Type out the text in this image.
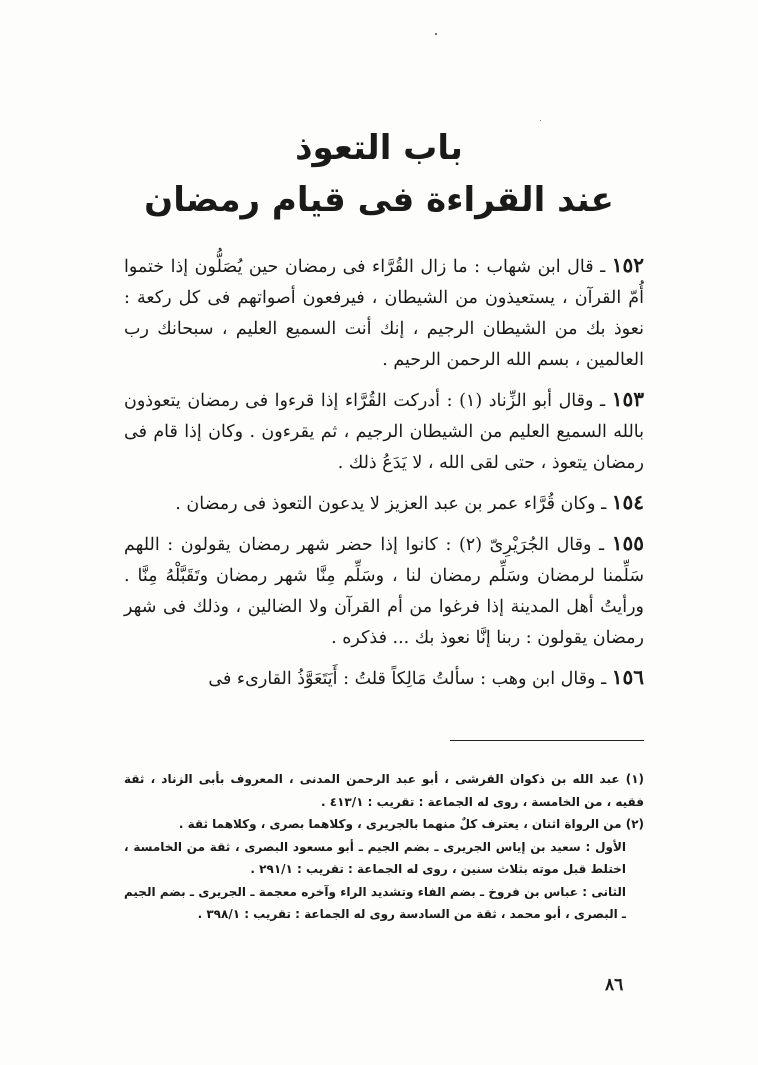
باب التعوذ
عند القراءة فى قيام رمضان

١٥٢ ـ قال ابن شهاب : ما زال القُرَّاء فى رمضان حين يُصَلُّون إذا ختموا أُمّ القرآن ، يستعيذون من الشيطان ، فيرفعون أصواتهم فى كل ركعة : نعوذ بك من الشيطان الرجيم ، إنك أنت السميع العليم ، سبحانك رب العالمين ، بسم الله الرحمن الرحيم .

١٥٣ ـ وقال أبو الزِّناد (١) : أدركت القُرَّاء إذا قرءوا فى رمضان يتعوذون بالله السميع العليم من الشيطان الرجيم ، ثم يقرءون . وكان إذا قام فى رمضان يتعوذ ، حتى لقى الله ، لا يَدَعُ ذلك .

١٥٤ ـ وكان قُرَّاء عمر بن عبد العزيز لا يدعون التعوذ فى رمضان .

١٥٥ ـ وقال الجُرَيْرِىّ (٢) : كانوا إذا حضر شهر رمضان يقولون : اللهم سَلِّمنا لرمضان وسَلِّم رمضان لنا ، وسَلِّم مِنَّا شهر رمضان وتَقَبَّلْهُ مِنَّا . ورأيتُ أهل المدينة إذا فرغوا من أم القرآن ولا الضالين ، وذلك فى شهر رمضان يقولون : ربنا إنَّا نعوذ بك ... فذكره .

١٥٦ ـ وقال ابن وهب : سألتُ مَالِكاً قلتُ : أَيَتَعَوَّذُ القارىء فى

(١) عبد الله بن ذكوان القرشى ، أبو عبد الرحمن المدنى ، المعروف بأبى الزناد ، ثقة فقيه ، من الخامسة ، روى له الجماعة : تقريب : ٤١٣/١ .

(٢) من الرواة اثنان ، يعترف كلٌ منهما بالجريرى ، وكلاهما بصرى ، وكلاهما ثقة .

الأول : سعيد بن إياس الجريرى ـ بضم الجيم ـ أبو مسعود البصرى ، ثقة من الخامسة ، اختلط قبل موته بثلاث سنين ، روى له الجماعة : تقريب : ٢٩١/١ .

الثانى : عباس بن فروخ ـ بضم الفاء وتشديد الراء وآخره معجمة ـ الجريرى ـ بضم الجيم ـ البصرى ، أبو محمد ، ثقة من السادسة روى له الجماعة : تقريب : ٣٩٨/١ .

٨٦
